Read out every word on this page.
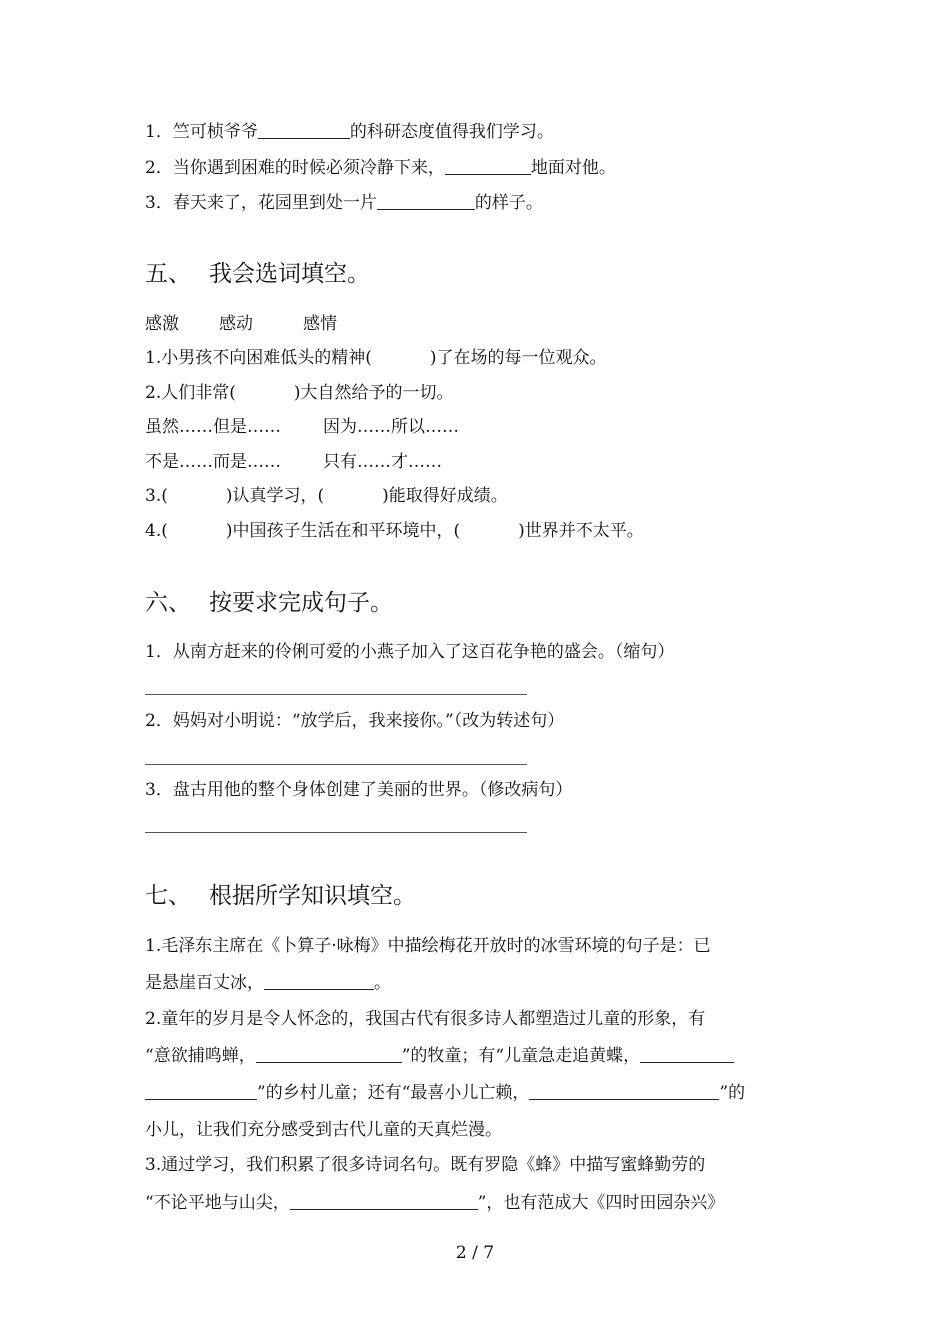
1．竺可桢爷爷	的科研态度值得我们学习。
2．当你遇到困难的时候必须冷静下来，	地面对他。
3．春天来了，花园里到处一片	的样子。
五、 我会选词填空。
感激 感动	感情
1.小男孩不向困难低头的精神(	)了在场的每一位观众。
2.人们非常(	)大自然给予的一切。
虽然……但是…… 因为……所以……
不是……而是…… 只有……才……
3.(	)认真学习，(	)能取得好成绩。
4.(	)中国孩子生活在和平环境中，(	)世界并不太平。
六、 按要求完成句子。
1．从南方赶来的伶俐可爱的小燕子加入了这百花争艳的盛会。（缩句）
2．妈妈对小明说：“放学后，我来接你。”（改为转述句）
3．盘古用他的整个身体创建了美丽的世界。（修改病句）
七、 根据所学知识填空。
1.毛泽东主席在《卜算子·咏梅》中描绘梅花开放时的冰雪环境的句子是：已
是悬崖百丈冰，	。
2.童年的岁月是令人怀念的，我国古代有很多诗人都塑造过儿童的形象，有
“意欲捕鸣蝉，	”的牧童；有“儿童急走追黄蝶，
”的乡村儿童；还有“最喜小儿亡赖，	”的
小儿，让我们充分感受到古代儿童的天真烂漫。
3.通过学习，我们积累了很多诗词名句。既有罗隐《蜂》中描写蜜蜂勤劳的
“不论平地与山尖，	”，也有范成大《四时田园杂兴》
2 / 7
